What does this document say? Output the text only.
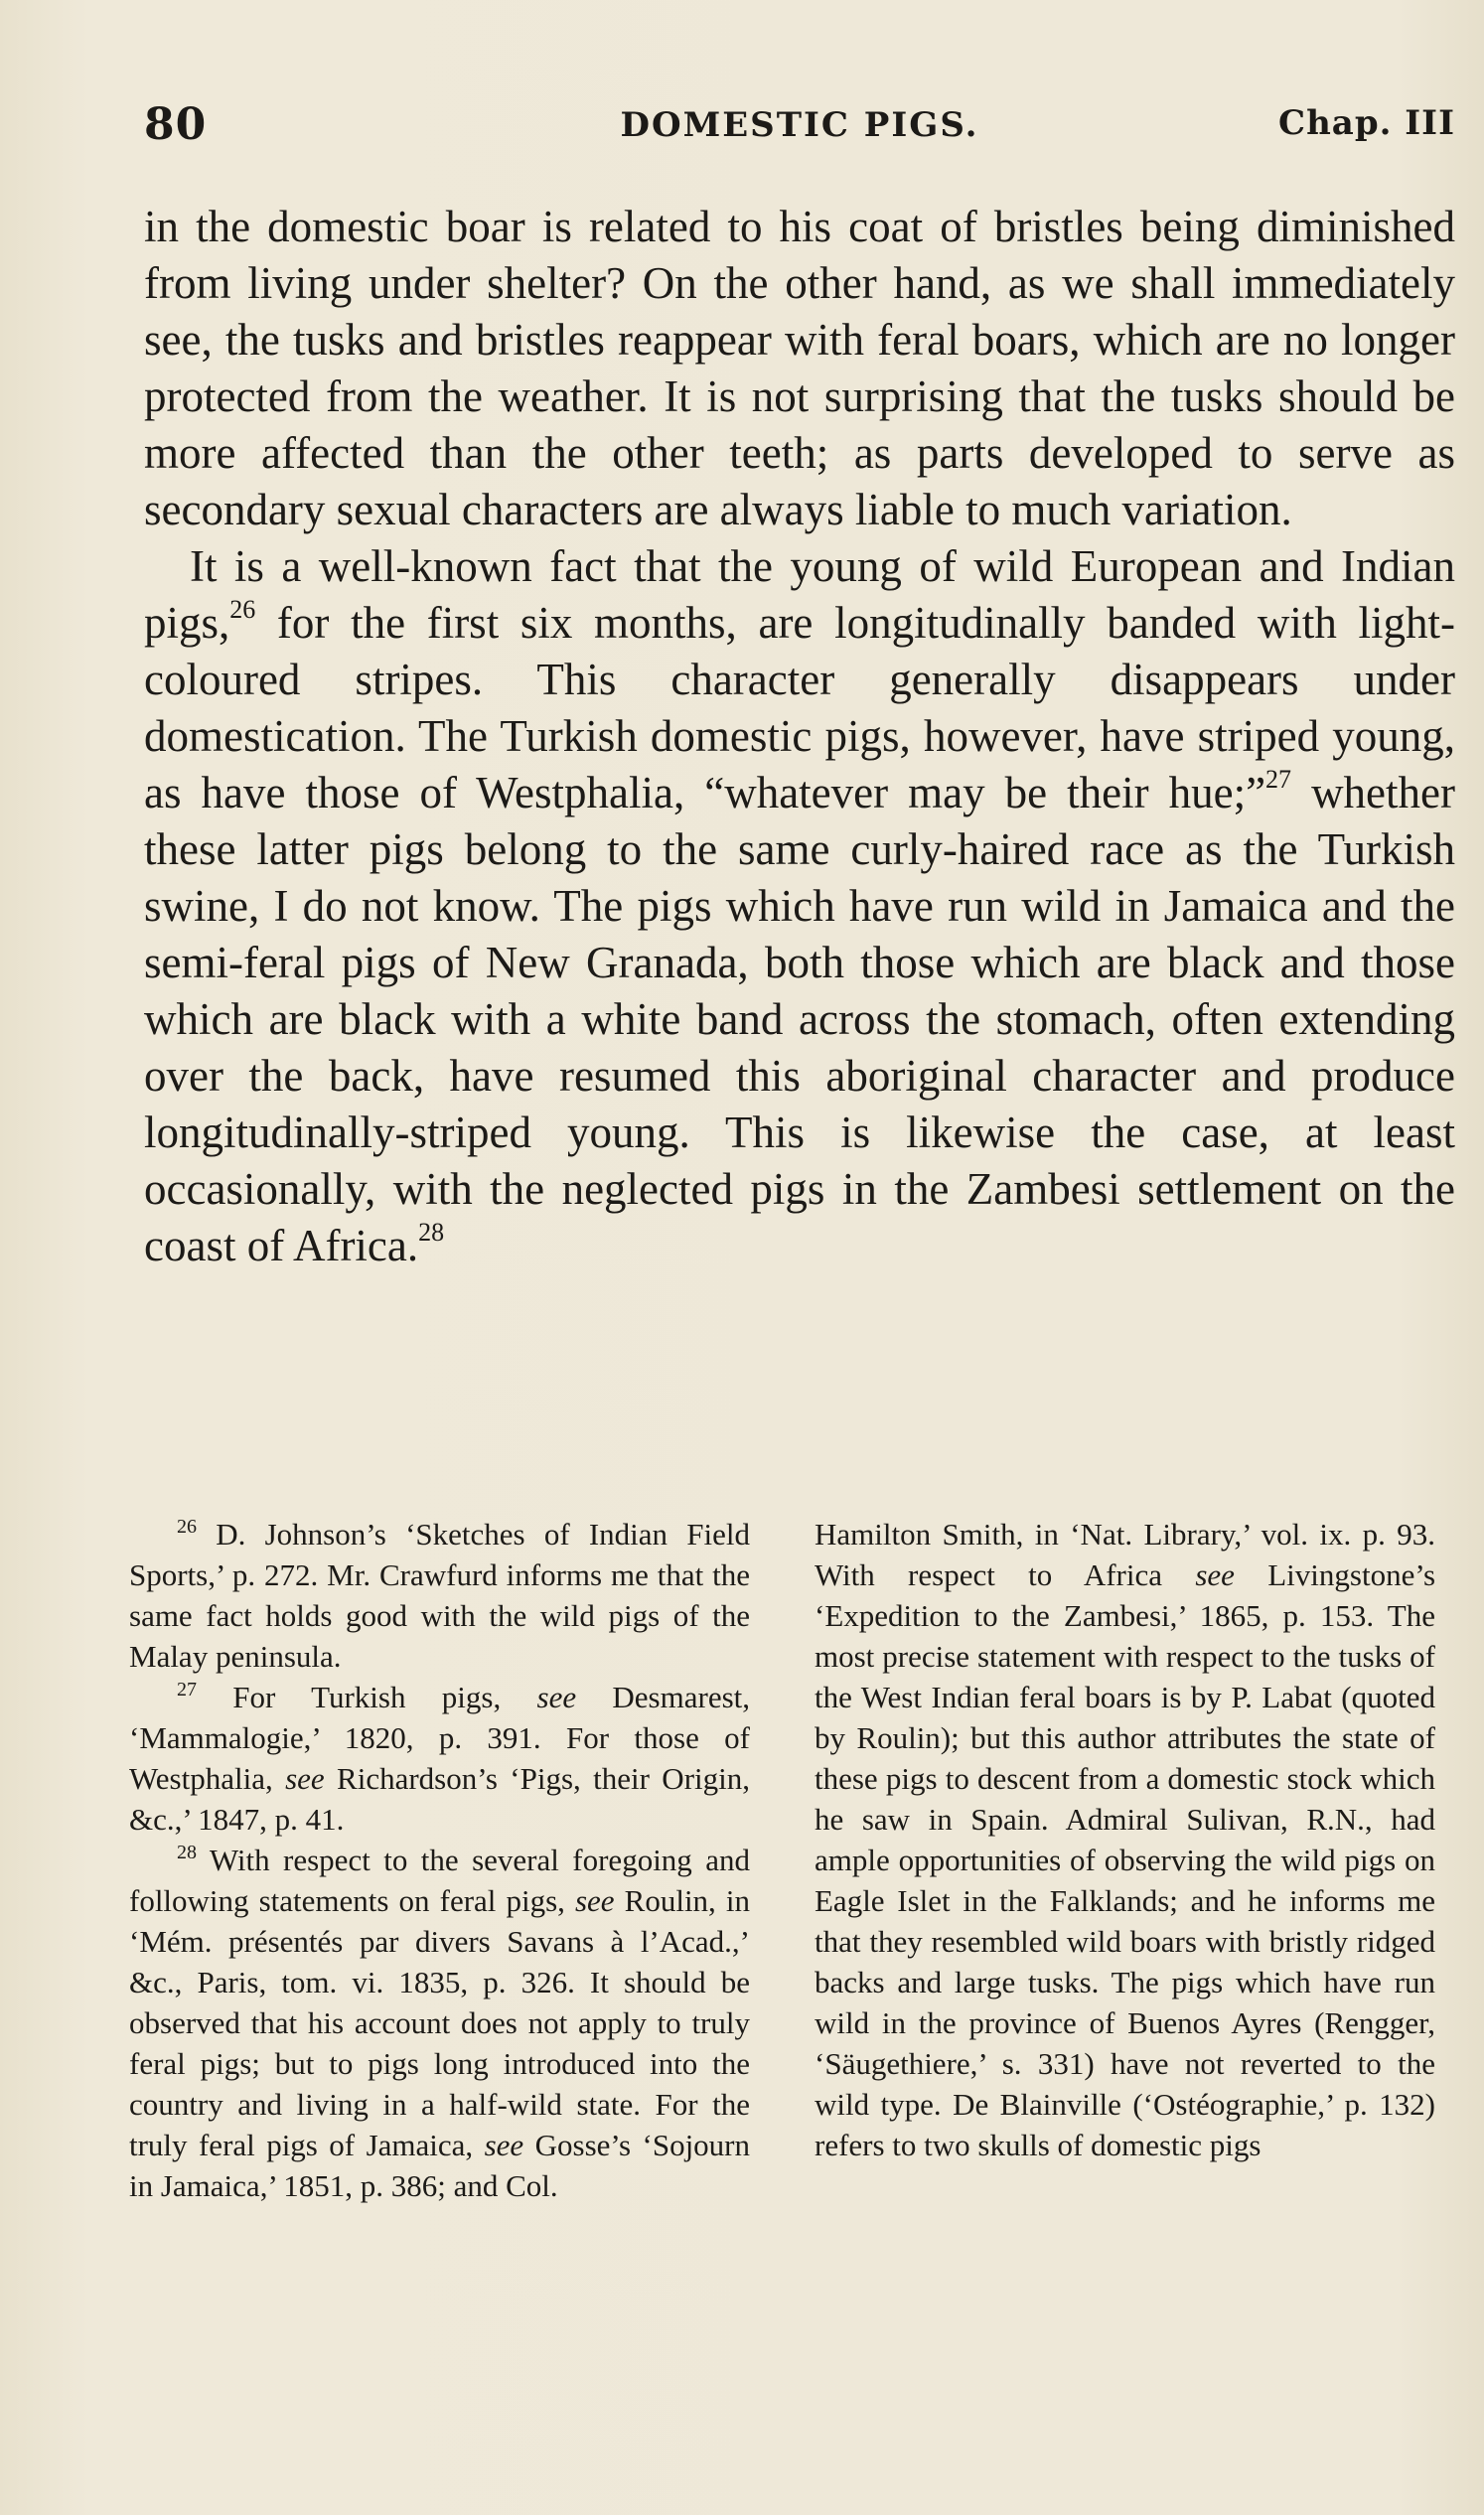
80	DOMESTIC PIGS.	Chap. III

in the domestic boar is related to his coat of bristles being diminished from living under shelter? On the other hand, as we shall immediately see, the tusks and bristles reappear with feral boars, which are no longer protected from the weather. It is not surprising that the tusks should be more affected than the other teeth; as parts developed to serve as secondary sexual characters are always liable to much variation.

It is a well-known fact that the young of wild European and Indian pigs,$^{26}$ for the first six months, are longitudinally banded with light-coloured stripes. This character generally disappears under domestication. The Turkish domestic pigs, however, have striped young, as have those of Westphalia, “whatever may be their hue;”$^{27}$ whether these latter pigs belong to the same curly-haired race as the Turkish swine, I do not know. The pigs which have run wild in Jamaica and the semi-feral pigs of New Granada, both those which are black and those which are black with a white band across the stomach, often extending over the back, have resumed this aboriginal character and produce longitudinally-striped young. This is likewise the case, at least occasionally, with the neglected pigs in the Zambesi settlement on the coast of Africa.$^{28}$

$^{26}$ D. Johnson’s ‘Sketches of Indian Field Sports,’ p. 272. Mr. Crawfurd informs me that the same fact holds good with the wild pigs of the Malay peninsula.

$^{27}$ For Turkish pigs, see Desmarest, ‘Mammalogie,’ 1820, p. 391. For those of Westphalia, see Richardson’s ‘Pigs, their Origin, &c.,’ 1847, p. 41.

$^{28}$ With respect to the several foregoing and following statements on feral pigs, see Roulin, in ‘Mém. présentés par divers Savans à l’Acad.,’ &c., Paris, tom. vi. 1835, p. 326. It should be observed that his account does not apply to truly feral pigs; but to pigs long introduced into the country and living in a half-wild state. For the truly feral pigs of Jamaica, see Gosse’s ‘Sojourn in Jamaica,’ 1851, p. 386; and Col.

Hamilton Smith, in ‘Nat. Library,’ vol. ix. p. 93. With respect to Africa see Livingstone’s ‘Expedition to the Zambesi,’ 1865, p. 153. The most precise statement with respect to the tusks of the West Indian feral boars is by P. Labat (quoted by Roulin); but this author attributes the state of these pigs to descent from a domestic stock which he saw in Spain. Admiral Sulivan, R.N., had ample opportunities of observing the wild pigs on Eagle Islet in the Falklands; and he informs me that they resembled wild boars with bristly ridged backs and large tusks. The pigs which have run wild in the province of Buenos Ayres (Rengger, ‘Säugethiere,’ s. 331) have not reverted to the wild type. De Blainville (‘Ostéographie,’ p. 132) refers to two skulls of domestic pigs
